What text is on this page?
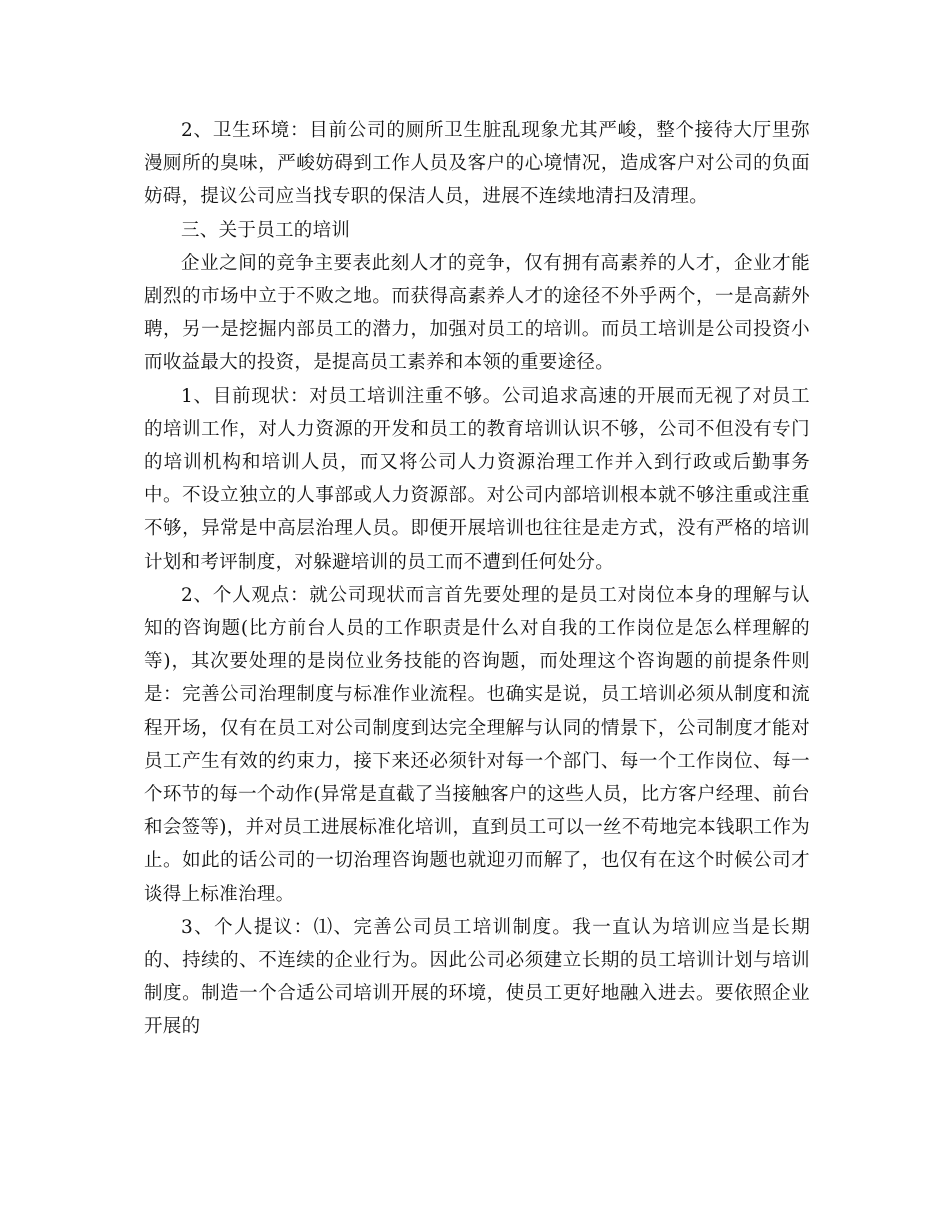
2、卫生环境：目前公司的厕所卫生脏乱现象尤其严峻，整个接待大厅里弥漫厕所的臭味，严峻妨碍到工作人员及客户的心境情况，造成客户对公司的负面妨碍，提议公司应当找专职的保洁人员，进展不连续地清扫及清理。

三、关于员工的培训

企业之间的竞争主要表此刻人才的竞争，仅有拥有高素养的人才，企业才能剧烈的市场中立于不败之地。而获得高素养人才的途径不外乎两个，一是高薪外聘，另一是挖掘内部员工的潜力，加强对员工的培训。而员工培训是公司投资小而收益最大的投资，是提高员工素养和本领的重要途径。

1、目前现状：对员工培训注重不够。公司追求高速的开展而无视了对员工的培训工作，对人力资源的开发和员工的教育培训认识不够，公司不但没有专门的培训机构和培训人员，而又将公司人力资源治理工作并入到行政或后勤事务中。不设立独立的人事部或人力资源部。对公司内部培训根本就不够注重或注重不够，异常是中高层治理人员。即便开展培训也往往是走方式，没有严格的培训计划和考评制度，对躲避培训的员工而不遭到任何处分。

2、个人观点：就公司现状而言首先要处理的是员工对岗位本身的理解与认知的咨询题(比方前台人员的工作职责是什么对自我的工作岗位是怎么样理解的等)，其次要处理的是岗位业务技能的咨询题，而处理这个咨询题的前提条件则是：完善公司治理制度与标准作业流程。也确实是说，员工培训必须从制度和流程开场，仅有在员工对公司制度到达完全理解与认同的情景下，公司制度才能对员工产生有效的约束力，接下来还必须针对每一个部门、每一个工作岗位、每一个环节的每一个动作(异常是直截了当接触客户的这些人员，比方客户经理、前台和会签等)，并对员工进展标准化培训，直到员工可以一丝不苟地完本钱职工作为止。如此的话公司的一切治理咨询题也就迎刃而解了，也仅有在这个时候公司才谈得上标准治理。

3、个人提议：⑴、完善公司员工培训制度。我一直认为培训应当是长期的、持续的、不连续的企业行为。因此公司必须建立长期的员工培训计划与培训制度。制造一个合适公司培训开展的环境，使员工更好地融入进去。要依照企业开展的
